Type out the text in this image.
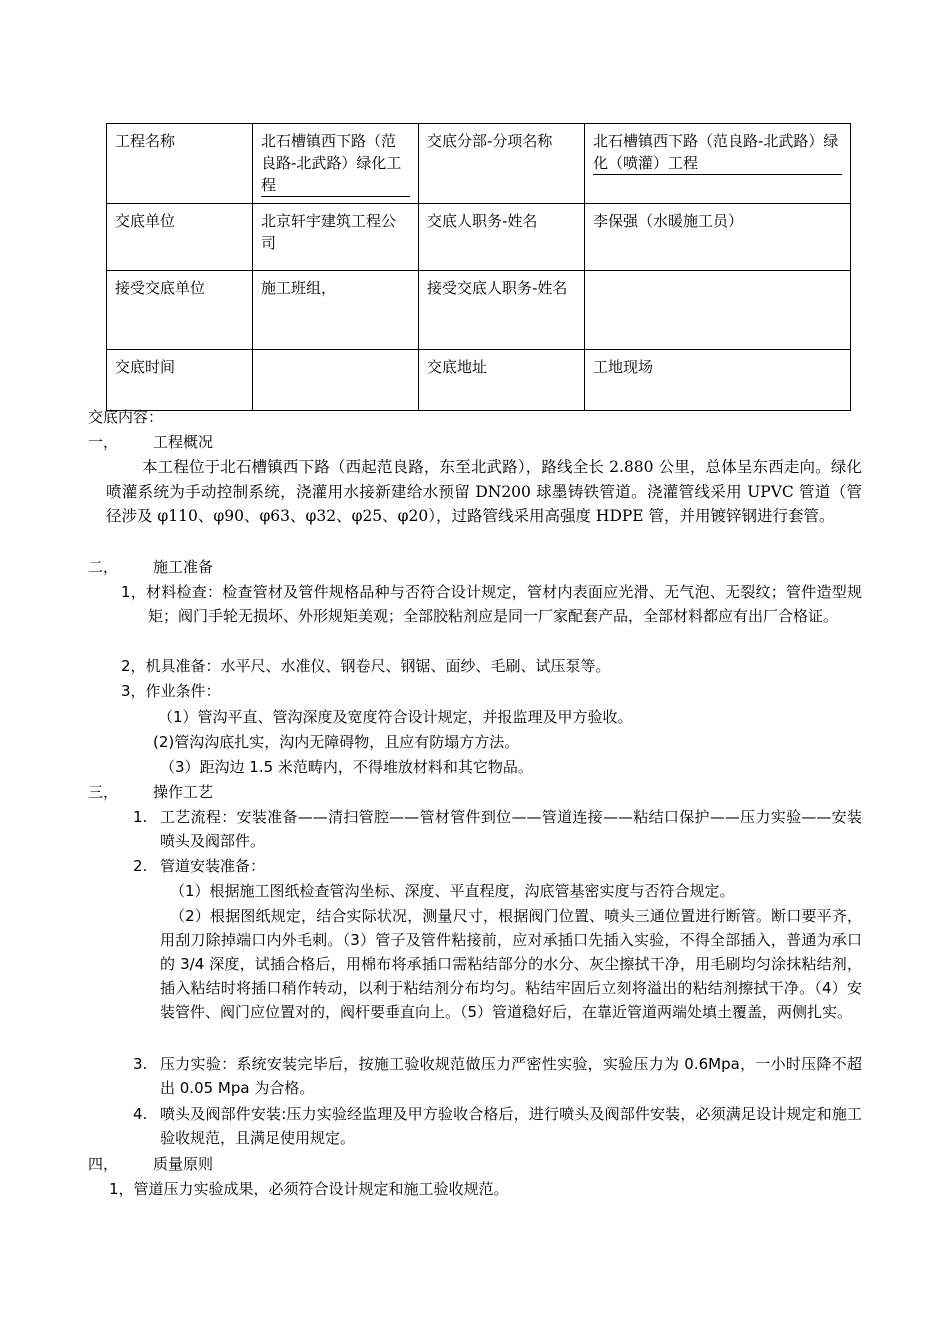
工程名称	北石槽镇西下路（范良路-北武路）绿化工程	交底分部-分项名称	北石槽镇西下路（范良路-北武路）绿化（喷灌）工程
交底单位	北京轩宇建筑工程公司	交底人职务-姓名	李保强（水暖施工员）
接受交底单位	施工班组，	接受交底人职务-姓名	
交底时间		交底地址	工地现场
交底内容：
一， 工程概况
本工程位于北石槽镇西下路（西起范良路，东至北武路），路线全长 2.880 公里，总体呈东西走向。绿化喷灌系统为手动控制系统，浇灌用水接新建给水预留 DN200 球墨铸铁管道。浇灌管线采用 UPVC 管道（管径涉及 φ110、φ90、φ63、φ32、φ25、φ20），过路管线采用高强度 HDPE 管，并用镀锌钢进行套管。
二， 施工准备
1，材料检查：检查管材及管件规格品种与否符合设计规定，管材内表面应光滑、无气泡、无裂纹；管件造型规矩；阀门手轮无损坏、外形规矩美观；全部胶粘剂应是同一厂家配套产品，全部材料都应有出厂合格证。
2，机具准备：水平尺、水准仪、钢卷尺、钢锯、面纱、毛刷、试压泵等。
3，作业条件：
（1）管沟平直、管沟深度及宽度符合设计规定，并报监理及甲方验收。
(2)管沟沟底扎实，沟内无障碍物，且应有防塌方方法。
（3）距沟边 1.5 米范畴内，不得堆放材料和其它物品。
三， 操作工艺
1. 工艺流程：安装准备——清扫管腔——管材管件到位——管道连接——粘结口保护——压力实验——安装喷头及阀部件。
2. 管道安装准备：
（1）根据施工图纸检查管沟坐标、深度、平直程度，沟底管基密实度与否符合规定。
（2）根据图纸规定，结合实际状况，测量尺寸，根据阀门位置、喷头三通位置进行断管。断口要平齐，用刮刀除掉端口内外毛刺。（3）管子及管件粘接前，应对承插口先插入实验，不得全部插入，普通为承口的 3/4 深度，试插合格后，用棉布将承插口需粘结部分的水分、灰尘擦拭干净，用毛刷均匀涂抹粘结剂，插入粘结时将插口稍作转动，以利于粘结剂分布均匀。粘结牢固后立刻将溢出的粘结剂擦拭干净。（4）安装管件、阀门应位置对的，阀杆要垂直向上。（5）管道稳好后，在靠近管道两端处填土覆盖，两侧扎实。
3. 压力实验：系统安装完毕后，按施工验收规范做压力严密性实验，实验压力为 0.6Mpa，一小时压降不超出 0.05 Mpa 为合格。
4. 喷头及阀部件安装:压力实验经监理及甲方验收合格后，进行喷头及阀部件安装，必须满足设计规定和施工验收规范，且满足使用规定。
四， 质量原则
1，管道压力实验成果，必须符合设计规定和施工验收规范。
